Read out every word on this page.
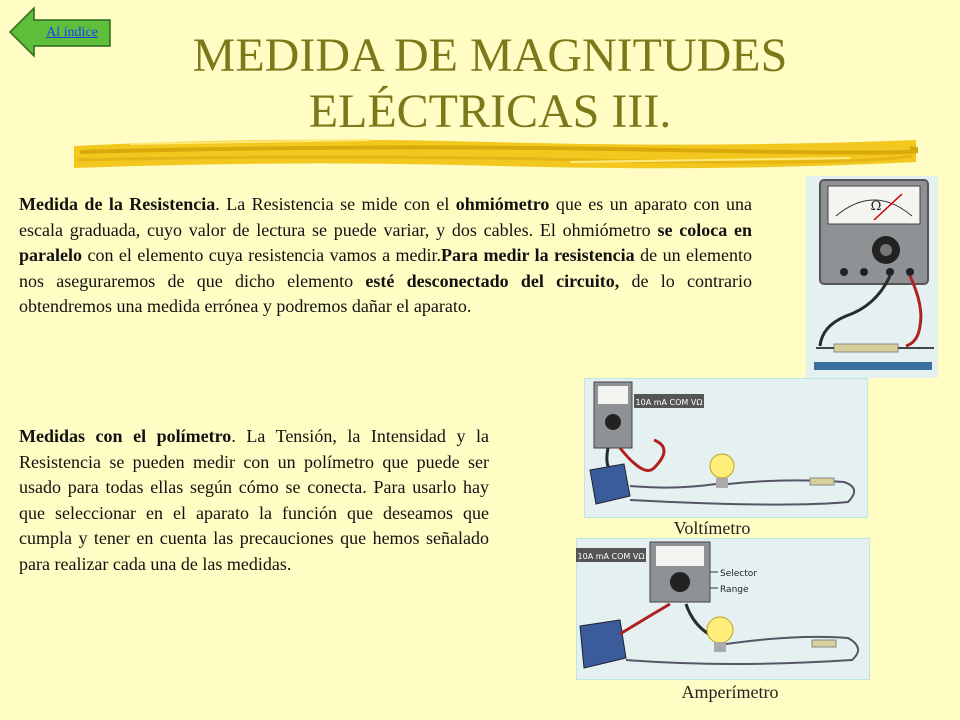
Al índice	MEDIDA DE MAGNITUDES
ELÉCTRICAS III.

Medida de la Resistencia. La Resistencia se mide con el ohmiómetro que es un aparato con una escala graduada, cuyo valor de lectura se puede variar, y dos cables. El ohmiómetro se coloca en paralelo con el elemento cuya resistencia vamos a medir.Para medir la resistencia de un elemento nos aseguraremos de que dicho elemento esté desconectado del circuito, de lo contrario obtendremos una medida errónea y podremos dañar el aparato.

Medidas con el polímetro. La Tensión, la Intensidad y la Resistencia se pueden medir con un polímetro que puede ser usado para todas ellas según cómo se conecta. Para usarlo hay que seleccionar en el aparato la función que deseamos que cumpla y tener en cuenta las precauciones que hemos señalado para realizar cada una de las medidas.

Ω
10A mA COM VΩ
Voltímetro
10A mA COM VΩ
Selector
Range
Amperímetro
